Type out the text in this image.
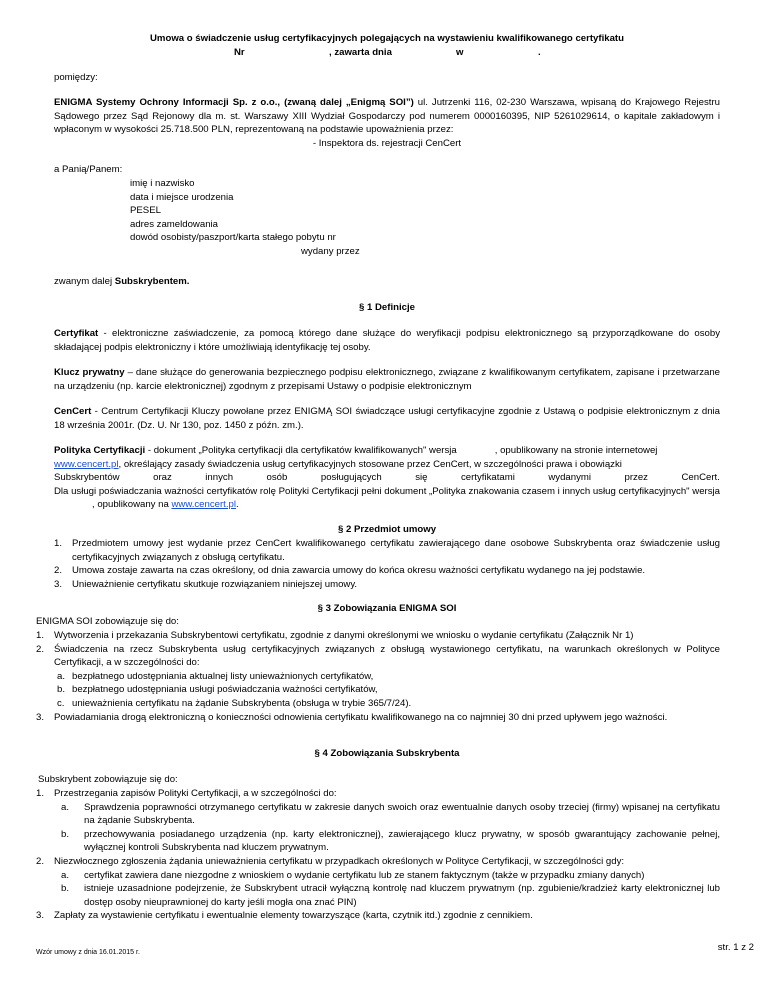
Umowa o świadczenie usług certyfikacyjnych polegających na wystawieniu kwalifikowanego certyfikatu

Nr	, zawarta dnia	w	.

pomiędzy:

ENIGMA Systemy Ochrony Informacji Sp. z o.o., (zwaną dalej „Enigmą SOI”) ul. Jutrzenki 116, 02-230 Warszawa, wpisaną do Krajowego Rejestru Sądowego przez Sąd Rejonowy dla m. st. Warszawy XIII Wydział Gospodarczy pod numerem 0000160395, NIP 5261029614, o kapitale zakładowym i wpłaconym w wysokości 25.718.500 PLN, reprezentowaną na podstawie upoważnienia przez:

- Inspektora ds. rejestracji CenCert

a Panią/Panem:

imię i nazwisko

data i miejsce urodzenia

PESEL

adres zameldowania

dowód osobisty/paszport/karta stałego pobytu nr

wydany przez

zwanym dalej Subskrybentem.

§ 1 Definicje

Certyfikat - elektroniczne zaświadczenie, za pomocą którego dane służące do weryfikacji podpisu elektronicznego są przyporządkowane do osoby składającej podpis elektroniczny i które umożliwiają identyfikację tej osoby.

Klucz prywatny – dane służące do generowania bezpiecznego podpisu elektronicznego, związane z kwalifikowanym certyfikatem, zapisane i przetwarzane na urządzeniu (np. karcie elektronicznej) zgodnym z przepisami Ustawy o podpisie elektronicznym

CenCert - Centrum Certyfikacji Kluczy powołane przez ENIGMĄ SOI świadczące usługi certyfikacyjne zgodnie z Ustawą o podpisie elektronicznym z dnia 18 września 2001r. (Dz. U. Nr 130, poz. 1450 z późn. zm.).

Polityka Certyfikacji - dokument „Polityka certyfikacji dla certyfikatów kwalifikowanych" wersja	, opublikowany na stronie internetowej

www.cencert.pl, określający zasady świadczenia usług certyfikacyjnych stosowane przez CenCert, w szczególności prawa i obowiązki

Subskrybentów	oraz	innych	osób	posługujących	się	certyfikatami	wydanymi	przez	CenCert.

Dla usługi poświadczania ważności certyfikatów rolę Polityki Certyfikacji pełni dokument „Polityka znakowania czasem i innych usług certyfikacyjnych" wersja, opublikowany na www.cencert.pl.

§ 2 Przedmiot umowy

1. Przedmiotem umowy jest wydanie przez CenCert kwalifikowanego certyfikatu zawierającego dane osobowe Subskrybenta oraz świadczenie usług certyfikacyjnych związanych z obsługą certyfikatu.
2. Umowa zostaje zawarta na czas określony, od dnia zawarcia umowy do końca okresu ważności certyfikatu wydanego na jej podstawie.
3. Unieważnienie certyfikatu skutkuje rozwiązaniem niniejszej umowy.

§ 3 Zobowiązania ENIGMA SOI

ENIGMA SOI zobowiązuje się do:

1. Wytworzenia i przekazania Subskrybentowi certyfikatu, zgodnie z danymi określonymi we wniosku o wydanie certyfikatu (Załącznik Nr 1)
2. Świadczenia na rzecz Subskrybenta usług certyfikacyjnych związanych z obsługą wystawionego certyfikatu, na warunkach określonych w Polityce Certyfikacji, a w szczególności do:
a. bezpłatnego udostępniania aktualnej listy unieważnionych certyfikatów,
b. bezpłatnego udostępniania usługi poświadczania ważności certyfikatów,
c. unieważnienia certyfikatu na żądanie Subskrybenta (obsługa w trybie 365/7/24).
3. Powiadamiania drogą elektroniczną o konieczności odnowienia certyfikatu kwalifikowanego na co najmniej 30 dni przed upływem jego ważności.

§ 4 Zobowiązania Subskrybenta

Subskrybent zobowiązuje się do:

1. Przestrzegania zapisów Polityki Certyfikacji, a w szczególności do:
a. Sprawdzenia poprawności otrzymanego certyfikatu w zakresie danych swoich oraz ewentualnie danych osoby trzeciej (firmy) wpisanej na certyfikatu na żądanie Subskrybenta.
b. przechowywania posiadanego urządzenia (np. karty elektronicznej), zawierającego klucz prywatny, w sposób gwarantujący zachowanie pełnej, wyłącznej kontroli Subskrybenta nad kluczem prywatnym.
2. Niezwłocznego zgłoszenia żądania unieważnienia certyfikatu w przypadkach określonych w Polityce Certyfikacji, w szczególności gdy:
a. certyfikat zawiera dane niezgodne z wnioskiem o wydanie certyfikatu lub ze stanem faktycznym (także w przypadku zmiany danych)
b. istnieje uzasadnione podejrzenie, że Subskrybent utracił wyłączną kontrolę nad kluczem prywatnym (np. zgubienie/kradzież karty elektronicznej lub dostęp osoby nieuprawnionej do karty jeśli mogła ona znać PIN)
3. Zapłaty za wystawienie certyfikatu i ewentualnie elementy towarzyszące (karta, czytnik itd.) zgodnie z cennikiem.

Wzór umowy z dnia 16.01.2015 r.	str. 1 z 2
